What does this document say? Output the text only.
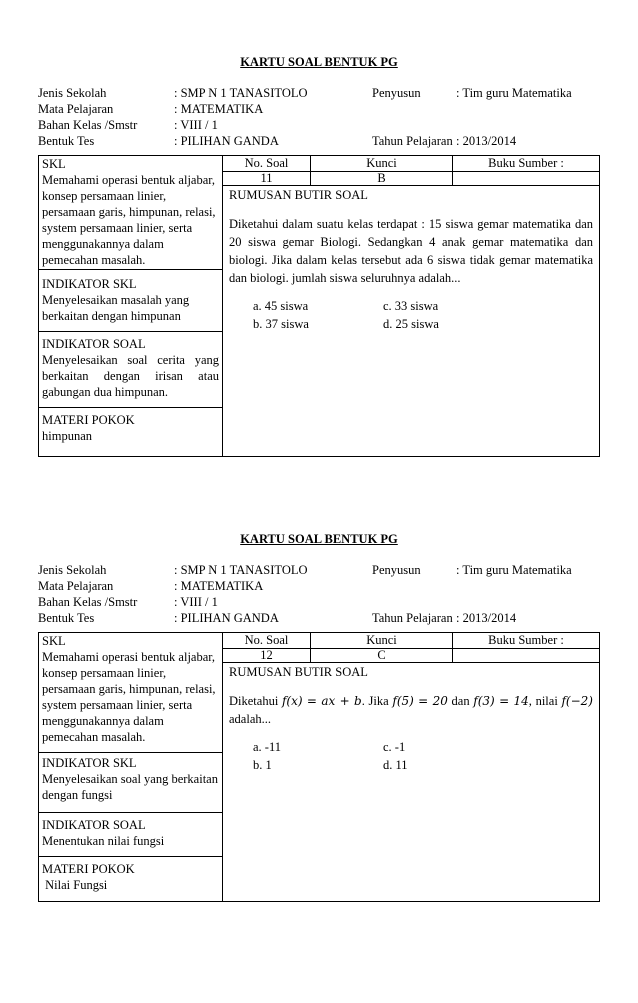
KARTU SOAL BENTUK PG
Jenis Sekolah	: SMP N 1 TANASITOLO	Penyusun	: Tim guru Matematika
Mata Pelajaran	: MATEMATIKA
Bahan Kelas /Smstr	: VIII / 1
Bentuk Tes	: PILIHAN GANDA	Tahun Pelajaran : 2013/2014

SKL

Memahami operasi bentuk aljabar, konsep persamaan linier, persamaan garis, himpunan, relasi, system persamaan linier, serta menggunakannya dalam pemecahan masalah.

INDIKATOR SKL

Menyelesaikan masalah yang berkaitan dengan himpunan

INDIKATOR SOAL

Menyelesaikan soal cerita yang berkaitan dengan irisan atau gabungan dua himpunan.

MATERI POKOK

himpunan

No. Soal	Kunci	Buku Sumber :
11	B
RUMUSAN BUTIR SOAL
Diketahui dalam suatu kelas terdapat : 15 siswa gemar matematika dan 20 siswa gemar Biologi. Sedangkan 4 anak gemar matematika dan biologi. Jika dalam kelas tersebut ada 6 siswa tidak gemar matematika dan biologi. jumlah siswa seluruhnya adalah...
a. 45 siswa
b. 37 siswa
c. 33 siswa
d. 25 siswa
KARTU SOAL BENTUK PG
Jenis Sekolah	: SMP N 1 TANASITOLO	Penyusun	: Tim guru Matematika
Mata Pelajaran	: MATEMATIKA
Bahan Kelas /Smstr	: VIII / 1
Bentuk Tes	: PILIHAN GANDA	Tahun Pelajaran : 2013/2014

SKL

Memahami operasi bentuk aljabar, konsep persamaan linier, persamaan garis, himpunan, relasi, system persamaan linier, serta menggunakannya dalam pemecahan masalah.

INDIKATOR SKL

Menyelesaikan soal yang berkaitan dengan fungsi

INDIKATOR SOAL

Menentukan nilai fungsi

MATERI POKOK

Nilai Fungsi

No. Soal	Kunci	Buku Sumber :
12	C
RUMUSAN BUTIR SOAL
Diketahui f(x) = ax + b. Jika f(5) = 20 dan f(3) = 14, nilai f(−2) adalah...
a. -11
b. 1
c. -1
d. 11
